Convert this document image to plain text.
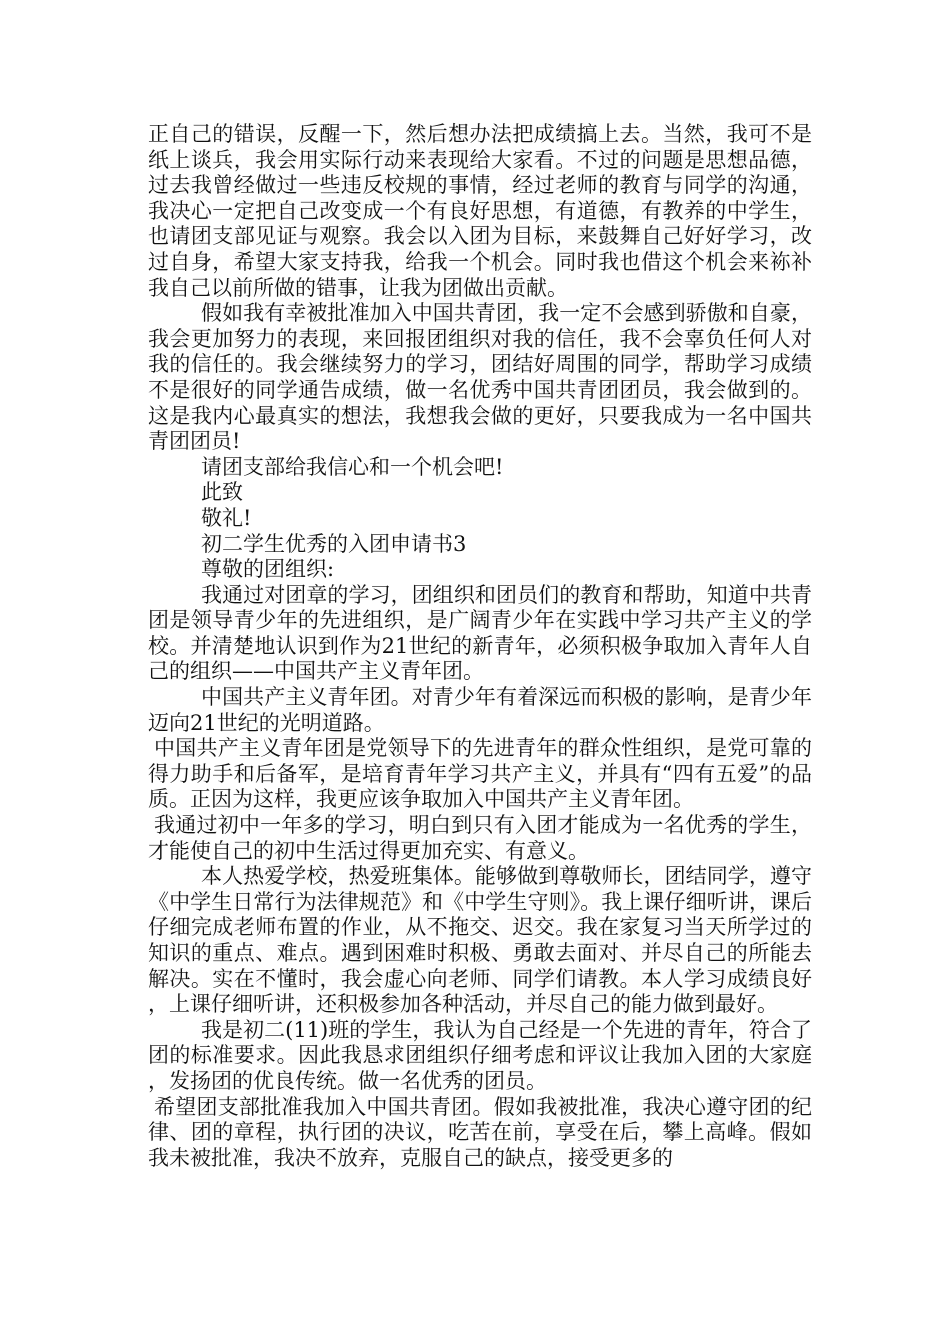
正自己的错误，反醒一下，然后想办法把成绩搞上去。当然，我可不是纸上谈兵，我会用实际行动来表现给大家看。不过的问题是思想品德，过去我曾经做过一些违反校规的事情，经过老师的教育与同学的沟通，我决心一定把自己改变成一个有良好思想，有道德，有教养的中学生，也请团支部见证与观察。我会以入团为目标，来鼓舞自己好好学习，改过自身，希望大家支持我，给我一个机会。同时我也借这个机会来袮补我自己以前所做的错事，让我为团做出贡献。

假如我有幸被批准加入中国共青团，我一定不会感到骄傲和自豪，我会更加努力的表现，来回报团组织对我的信任，我不会辜负任何人对我的信任的。我会继续努力的学习，团结好周围的同学，帮助学习成绩不是很好的同学通告成绩，做一名优秀中国共青团团员，我会做到的。这是我内心最真实的想法，我想我会做的更好，只要我成为一名中国共青团团员!

请团支部给我信心和一个机会吧!

此致

敬礼!

初二学生优秀的入团申请书3

尊敬的团组织:

我通过对团章的学习，团组织和团员们的教育和帮助，知道中共青团是领导青少年的先进组织，是广阔青少年在实践中学习共产主义的学校。并清楚地认识到作为21世纪的新青年，必须积极争取加入青年人自己的组织——中国共产主义青年团。

中国共产主义青年团。对青少年有着深远而积极的影响，是青少年迈向21世纪的光明道路。

中国共产主义青年团是党领导下的先进青年的群众性组织，是党可靠的得力助手和后备军，是培育青年学习共产主义，并具有“四有五爱”的品质。正因为这样，我更应该争取加入中国共产主义青年团。

我通过初中一年多的学习，明白到只有入团才能成为一名优秀的学生，才能使自己的初中生活过得更加充实、有意义。

本人热爱学校，热爱班集体。能够做到尊敬师长，团结同学，遵守《中学生日常行为法律规范》和《中学生守则》。我上课仔细听讲，课后仔细完成老师布置的作业，从不拖交、迟交。我在家复习当天所学过的知识的重点、难点。遇到困难时积极、勇敢去面对、并尽自己的所能去解决。实在不懂时，我会虚心向老师、同学们请教。本人学习成绩良好，上课仔细听讲，还积极参加各种活动，并尽自己的能力做到最好。

我是初二(11)班的学生，我认为自己经是一个先进的青年，符合了团的标准要求。因此我恳求团组织仔细考虑和评议让我加入团的大家庭，发扬团的优良传统。做一名优秀的团员。

希望团支部批准我加入中国共青团。假如我被批准，我决心遵守团的纪律、团的章程，执行团的决议，吃苦在前，享受在后，攀上高峰。假如我未被批准，我决不放弃，克服自己的缺点，接受更多的
